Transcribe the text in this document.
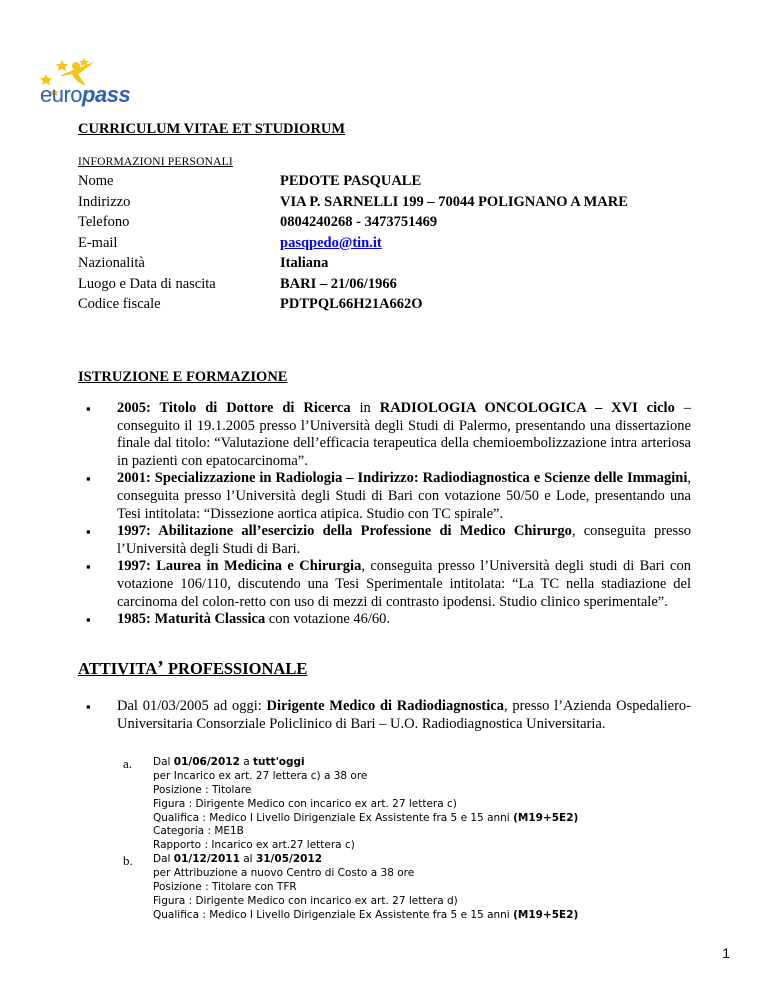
europass
CURRICULUM VITAE ET STUDIORUM
INFORMAZIONI PERSONALI
Nome	PEDOTE PASQUALE
Indirizzo	VIA P. SARNELLI 199 – 70044 POLIGNANO A MARE
Telefono	0804240268 - 3473751469
E-mail	pasqpedo@tin.it
Nazionalità	Italiana
Luogo e Data di nascita	BARI – 21/06/1966
Codice fiscale	PDTPQL66H21A662O
ISTRUZIONE E FORMAZIONE
▪ 2005: Titolo di Dottore di Ricerca in RADIOLOGIA ONCOLOGICA – XVI ciclo – conseguito il 19.1.2005 presso l’Università degli Studi di Palermo, presentando una dissertazione finale dal titolo: “Valutazione dell’efficacia terapeutica della chemioembolizzazione intra arteriosa in pazienti con epatocarcinoma”.
▪ 2001: Specializzazione in Radiologia – Indirizzo: Radiodiagnostica e Scienze delle Immagini, conseguita presso l’Università degli Studi di Bari con votazione 50/50 e Lode, presentando una Tesi intitolata: “Dissezione aortica atipica. Studio con TC spirale”.
▪ 1997: Abilitazione all’esercizio della Professione di Medico Chirurgo, conseguita presso l’Università degli Studi di Bari.
▪ 1997: Laurea in Medicina e Chirurgia, conseguita presso l’Università degli studi di Bari con votazione 106/110, discutendo una Tesi Sperimentale intitolata: “La TC nella stadiazione del carcinoma del colon-retto con uso di mezzi di contrasto ipodensi. Studio clinico sperimentale”.
▪ 1985: Maturità Classica con votazione 46/60.
ATTIVITA’ PROFESSIONALE
▪ Dal 01/03/2005 ad oggi: Dirigente Medico di Radiodiagnostica, presso l’Azienda Ospedaliero-Universitaria Consorziale Policlinico di Bari – U.O. Radiodiagnostica Universitaria.
a. Dal 01/06/2012 a tutt'oggi
per Incarico ex art. 27 lettera c) a 38 ore
Posizione : Titolare
Figura : Dirigente Medico con incarico ex art. 27 lettera c)
Qualifica : Medico I Livello Dirigenziale Ex Assistente fra 5 e 15 anni (M19+5E2)
Categoria : ME1B
Rapporto : Incarico ex art.27 lettera c)
b. Dal 01/12/2011 al 31/05/2012
per Attribuzione a nuovo Centro di Costo a 38 ore
Posizione : Titolare con TFR
Figura : Dirigente Medico con incarico ex art. 27 lettera d)
Qualifica : Medico I Livello Dirigenziale Ex Assistente fra 5 e 15 anni (M19+5E2)
1
